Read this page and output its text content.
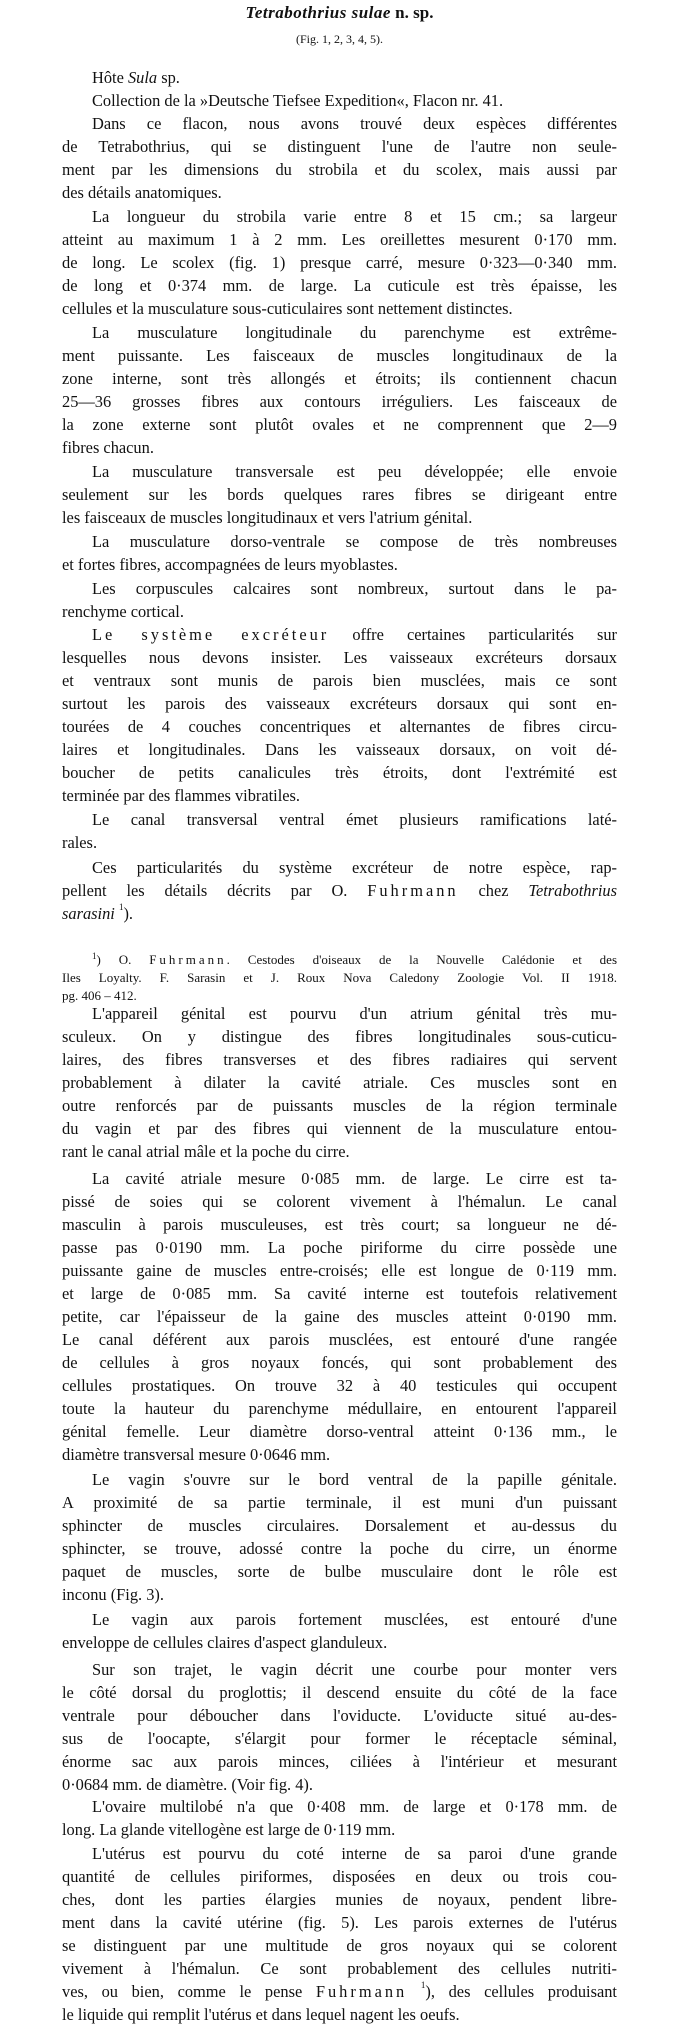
Tetrabothrius sulae n. sp.
(Fig. 1, 2, 3, 4, 5).
Hôte Sula sp.
Collection de la »Deutsche Tiefsee Expedition«, Flacon nr. 41.
Dans ce flacon, nous avons trouvé deux espèces différentes
de Tetrabothrius, qui se distinguent l'une de l'autre non seule-
ment par les dimensions du strobila et du scolex, mais aussi par
des détails anatomiques.
La longueur du strobila varie entre 8 et 15 cm.; sa largeur
atteint au maximum 1 à 2 mm. Les oreillettes mesurent 0·170 mm.
de long. Le scolex (fig. 1) presque carré, mesure 0·323—0·340 mm.
de long et 0·374 mm. de large. La cuticule est très épaisse, les
cellules et la musculature sous-cuticulaires sont nettement distinctes.
La musculature longitudinale du parenchyme est extrême-
ment puissante. Les faisceaux de muscles longitudinaux de la
zone interne, sont très allongés et étroits; ils contiennent chacun
25—36 grosses fibres aux contours irréguliers. Les faisceaux de
la zone externe sont plutôt ovales et ne comprennent que 2—9
fibres chacun.
La musculature transversale est peu développée; elle envoie
seulement sur les bords quelques rares fibres se dirigeant entre
les faisceaux de muscles longitudinaux et vers l'atrium génital.
La musculature dorso-ventrale se compose de très nombreuses
et fortes fibres, accompagnées de leurs myoblastes.
Les corpuscules calcaires sont nombreux, surtout dans le pa-
renchyme cortical.
Le système excréteur offre certaines particularités sur
lesquelles nous devons insister. Les vaisseaux excréteurs dorsaux
et ventraux sont munis de parois bien musclées, mais ce sont
surtout les parois des vaisseaux excréteurs dorsaux qui sont en-
tourées de 4 couches concentriques et alternantes de fibres circu-
laires et longitudinales. Dans les vaisseaux dorsaux, on voit dé-
boucher de petits canalicules très étroits, dont l'extrémité est
terminée par des flammes vibratiles.
Le canal transversal ventral émet plusieurs ramifications laté-
rales.
Ces particularités du système excréteur de notre espèce, rap-
pellent les détails décrits par O. Fuhrmann chez Tetrabothrius
sarasini $^1$).
$^1$) O. Fuhrmann. Cestodes d'oiseaux de la Nouvelle Calédonie et des
Iles Loyalty. F. Sarasin et J. Roux Nova Caledony Zoologie Vol. II 1918.
pg. 406 – 412.
L'appareil génital est pourvu d'un atrium génital très mu-
sculeux. On y distingue des fibres longitudinales sous-cuticu-
laires, des fibres transverses et des fibres radiaires qui servent
probablement à dilater la cavité atriale. Ces muscles sont en
outre renforcés par de puissants muscles de la région terminale
du vagin et par des fibres qui viennent de la musculature entou-
rant le canal atrial mâle et la poche du cirre.
La cavité atriale mesure 0·085 mm. de large. Le cirre est ta-
pissé de soies qui se colorent vivement à l'hémalun. Le canal
masculin à parois musculeuses, est très court; sa longueur ne dé-
passe pas 0·0190 mm. La poche piriforme du cirre possède une
puissante gaine de muscles entre-croisés; elle est longue de 0·119 mm.
et large de 0·085 mm. Sa cavité interne est toutefois relativement
petite, car l'épaisseur de la gaine des muscles atteint 0·0190 mm.
Le canal déférent aux parois musclées, est entouré d'une rangée
de cellules à gros noyaux foncés, qui sont probablement des
cellules prostatiques. On trouve 32 à 40 testicules qui occupent
toute la hauteur du parenchyme médullaire, en entourent l'appareil
génital femelle. Leur diamètre dorso-ventral atteint 0·136 mm., le
diamètre transversal mesure 0·0646 mm.
Le vagin s'ouvre sur le bord ventral de la papille génitale.
A proximité de sa partie terminale, il est muni d'un puissant
sphincter de muscles circulaires. Dorsalement et au-dessus du
sphincter, se trouve, adossé contre la poche du cirre, un énorme
paquet de muscles, sorte de bulbe musculaire dont le rôle est
inconu (Fig. 3).
Le vagin aux parois fortement musclées, est entouré d'une
enveloppe de cellules claires d'aspect glanduleux.
Sur son trajet, le vagin décrit une courbe pour monter vers
le côté dorsal du proglottis; il descend ensuite du côté de la face
ventrale pour déboucher dans l'oviducte. L'oviducte situé au-des-
sus de l'oocapte, s'élargit pour former le réceptacle séminal,
énorme sac aux parois minces, ciliées à l'intérieur et mesurant
0·0684 mm. de diamètre. (Voir fig. 4).
L'ovaire multilobé n'a que 0·408 mm. de large et 0·178 mm. de
long. La glande vitellogène est large de 0·119 mm.
L'utérus est pourvu du coté interne de sa paroi d'une grande
quantité de cellules piriformes, disposées en deux ou trois cou-
ches, dont les parties élargies munies de noyaux, pendent libre-
ment dans la cavité utérine (fig. 5). Les parois externes de l'utérus
se distinguent par une multitude de gros noyaux qui se colorent
vivement à l'hémalun. Ce sont probablement des cellules nutriti-
ves, ou bien, comme le pense Fuhrmann $^1$), des cellules produisant
le liquide qui remplit l'utérus et dans lequel nagent les oeufs.
